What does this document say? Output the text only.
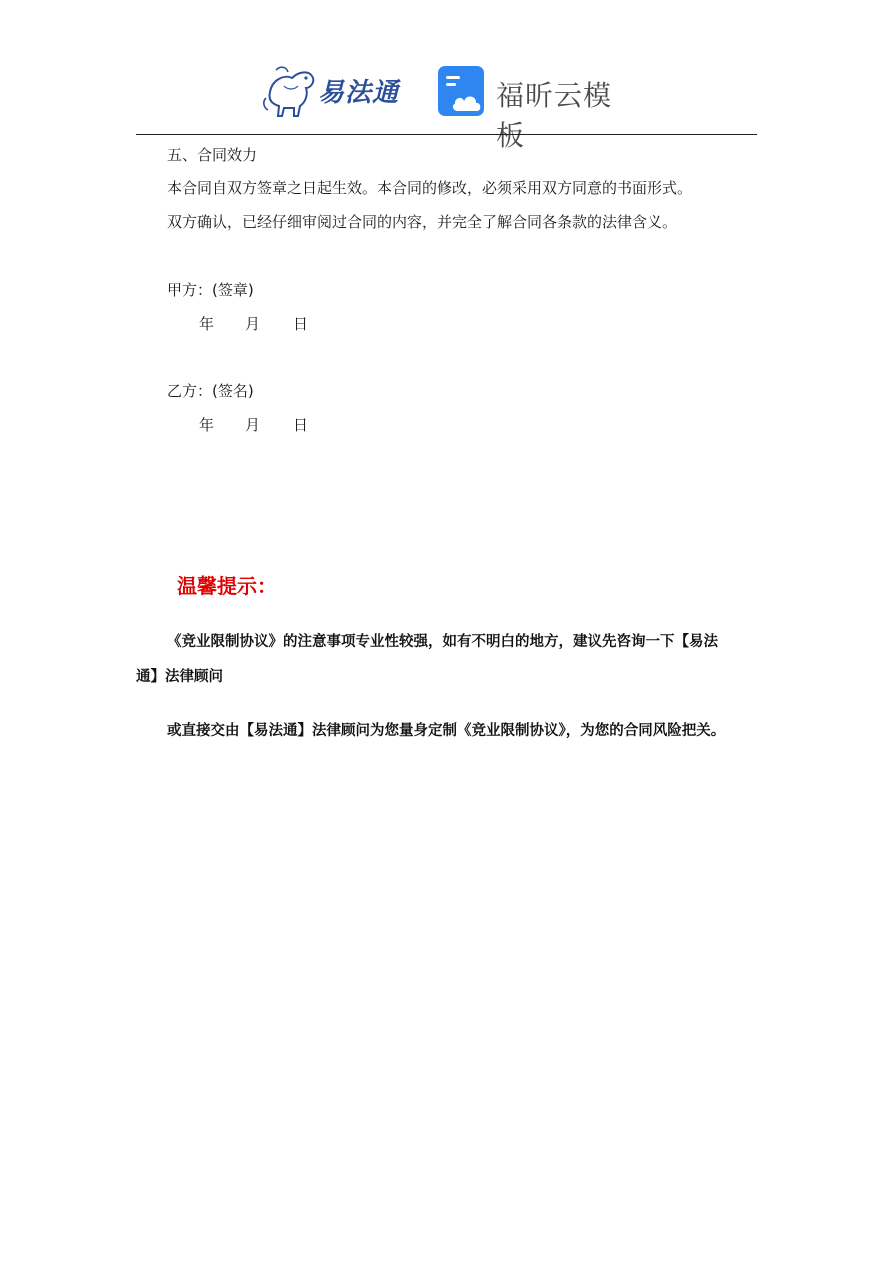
易法通	福昕云模板
五、合同效力
本合同自双方签章之日起生效。本合同的修改，必须采用双方同意的书面形式。
双方确认，已经仔细审阅过合同的内容，并完全了解合同各条款的法律含义。
甲方：(签章)
年 月 日
乙方：(签名)
年 月 日
温馨提示：
《竞业限制协议》的注意事项专业性较强，如有不明白的地方，建议先咨询一下【易法
通】法律顾问
或直接交由【易法通】法律顾问为您量身定制《竞业限制协议》，为您的合同风险把关。
